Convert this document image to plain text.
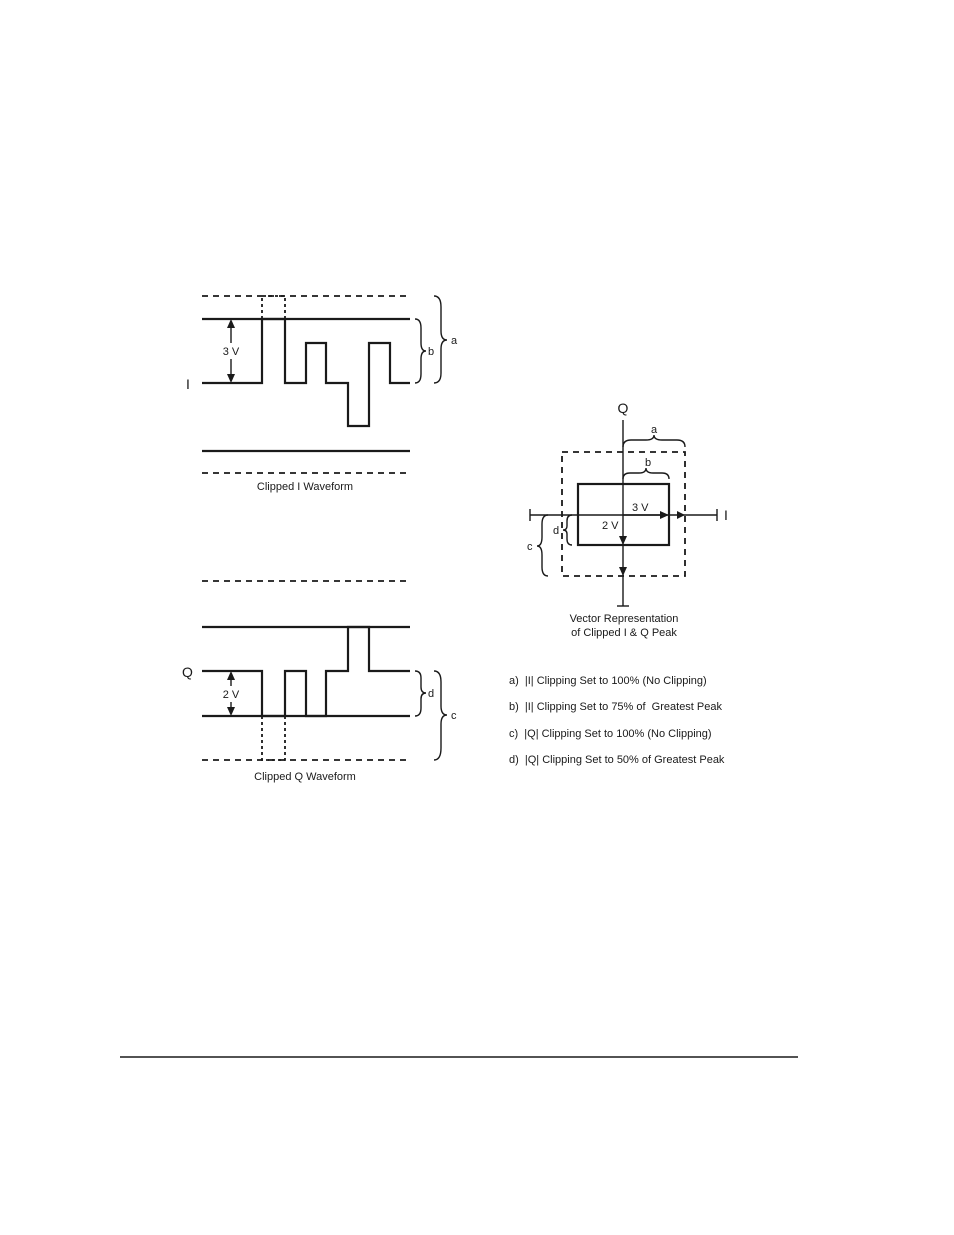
3 V
I
b
a
Clipped I Waveform
2 V
Q
d
c
Clipped Q Waveform
3 V
2 V
Q
I
a
b
d
c
Vector Representation
of Clipped I & Q Peak
a)  |I| Clipping Set to 100% (No Clipping)
b)  |I| Clipping Set to 75% of  Greatest Peak
c)  |Q| Clipping Set to 100% (No Clipping)
d)  |Q| Clipping Set to 50% of Greatest Peak
